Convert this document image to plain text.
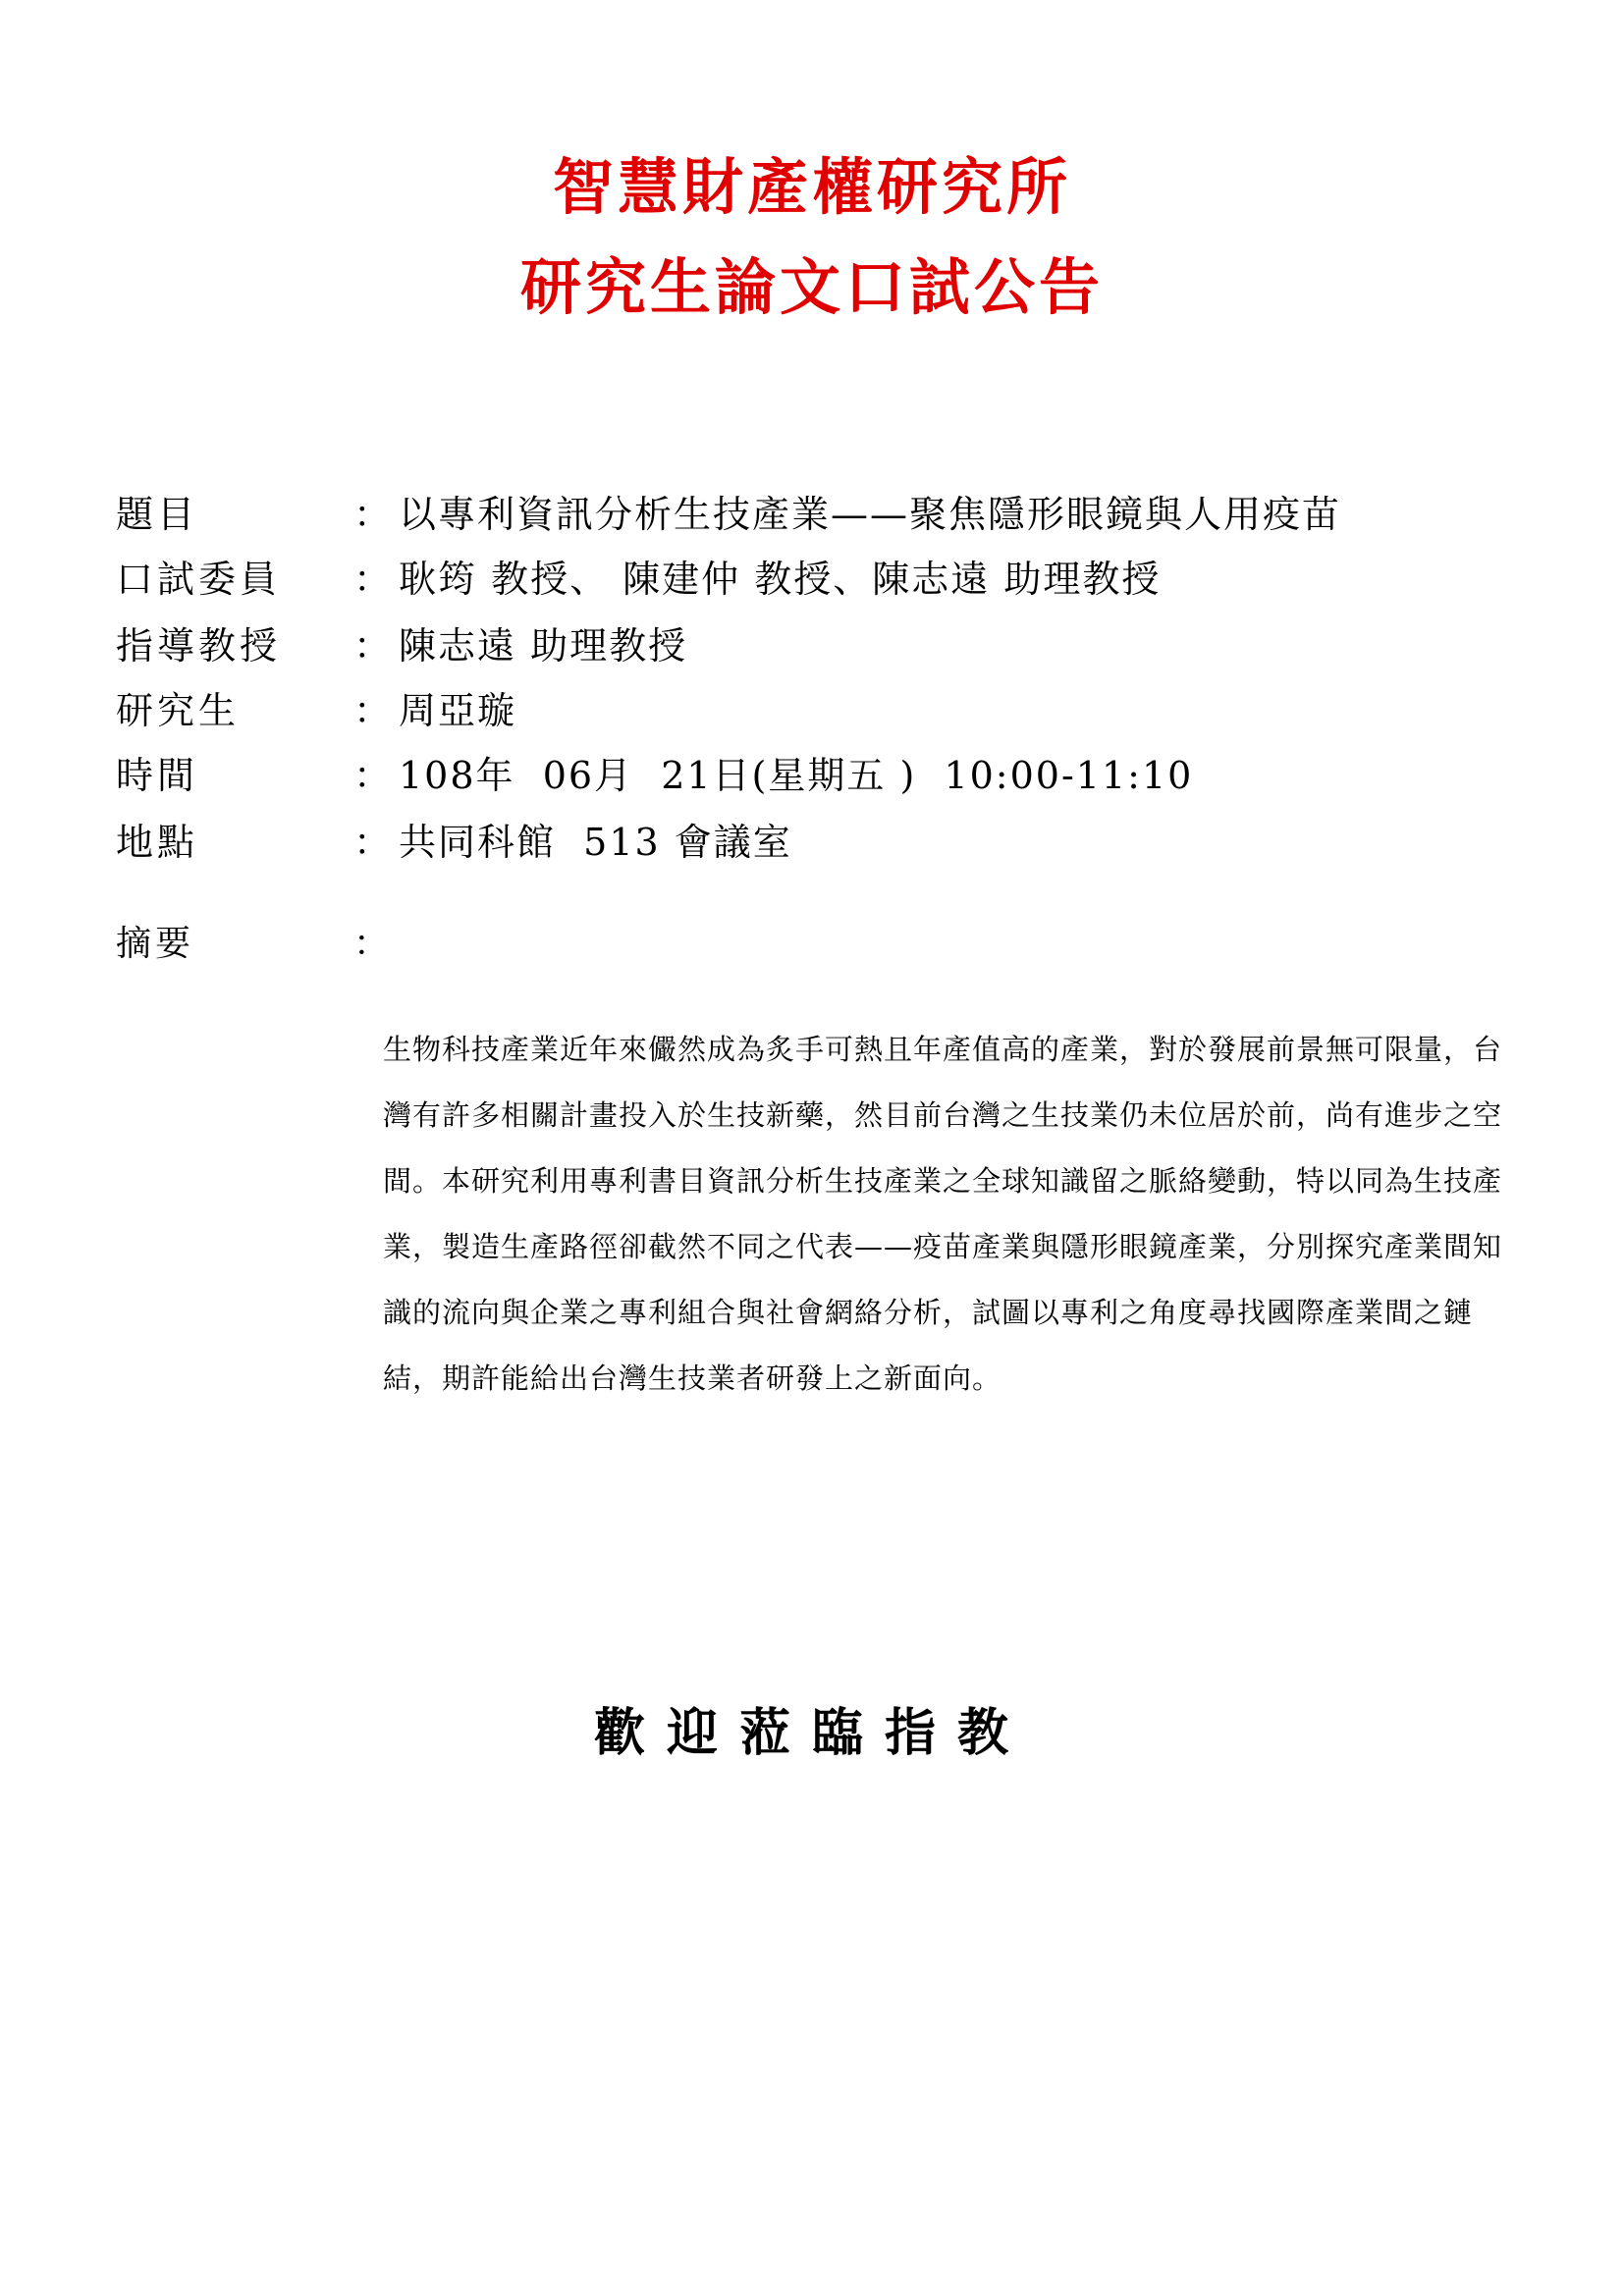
智慧財產權研究所
研究生論文口試公告
題目	： 以專利資訊分析生技產業——聚焦隱形眼鏡與人用疫苗
口試委員 ： 耿筠 教授、 陳建仲 教授、陳志遠 助理教授
指導教授 ： 陳志遠 助理教授
研究生	： 周亞璇
時間	： 108年  06月  21日(星期五 )  10:00-11:10
地點	： 共同科館  513 會議室
摘要	：

生物科技產業近年來儼然成為炙手可熱且年產值高的產業，對於發展前景無可限量，台灣有許多相關計畫投入於生技新藥，然目前台灣之生技業仍未位居於前，尚有進步之空間。本研究利用專利書目資訊分析生技產業之全球知識留之脈絡變動，特以同為生技產業，製造生產路徑卻截然不同之代表——疫苗產業與隱形眼鏡產業，分別探究產業間知識的流向與企業之專利組合與社會網絡分析，試圖以專利之角度尋找國際產業間之鏈結，期許能給出台灣生技業者研發上之新面向。

歡迎蒞臨指教
